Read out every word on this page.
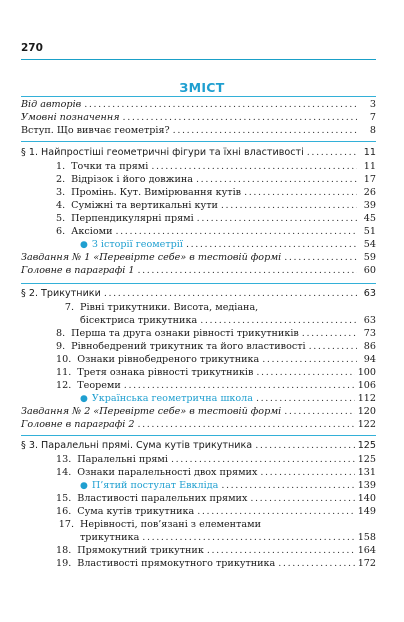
270
ЗМІСТ
Від авторів .....	3
Умовні позначення .....	7
Вступ. Що вивчає геометрія? .....	8
§ 1. Найпростіші геометричні фігури та їхні властивості .....	11
1. Точки та прямі .....	11
2. Відрізок і його довжина .....	17
3. Промінь. Кут. Вимірювання кутів .....	26
4. Суміжні та вертикальні кути .....	39
5. Перпендикулярні прямі .....	45
6. Аксіоми .....	51
● З історії геометрії .....	54
Завдання № 1 «Перевірте себе» в тестовій формі .....	59
Головне в параграфі 1 .....	60
§ 2. Трикутники .....	63
7. Рівні трикутники. Висота, медіана,
бісектриса трикутника .....	63
8. Перша та друга ознаки рівності трикутників .....	73
9. Рівнобедрений трикутник та його властивості .....	86
10. Ознаки рівнобедреного трикутника .....	94
11. Третя ознака рівності трикутників .....	100
12. Теореми .....	106
● Українська геометрична школа .....	112
Завдання № 2 «Перевірте себе» в тестовій формі .....	120
Головне в параграфі 2 .....	122
§ 3. Паралельні прямі. Сума кутів трикутника .....	125
13. Паралельні прямі .....	125
14. Ознаки паралельності двох прямих .....	131
● П’ятий постулат Евкліда .....	139
15. Властивості паралельних прямих .....	140
16. Сума кутів трикутника .....	149
17. Нерівності, пов’язані з елементами
трикутника .....	158
18. Прямокутний трикутник .....	164
19. Властивості прямокутного трикутника .....	172
